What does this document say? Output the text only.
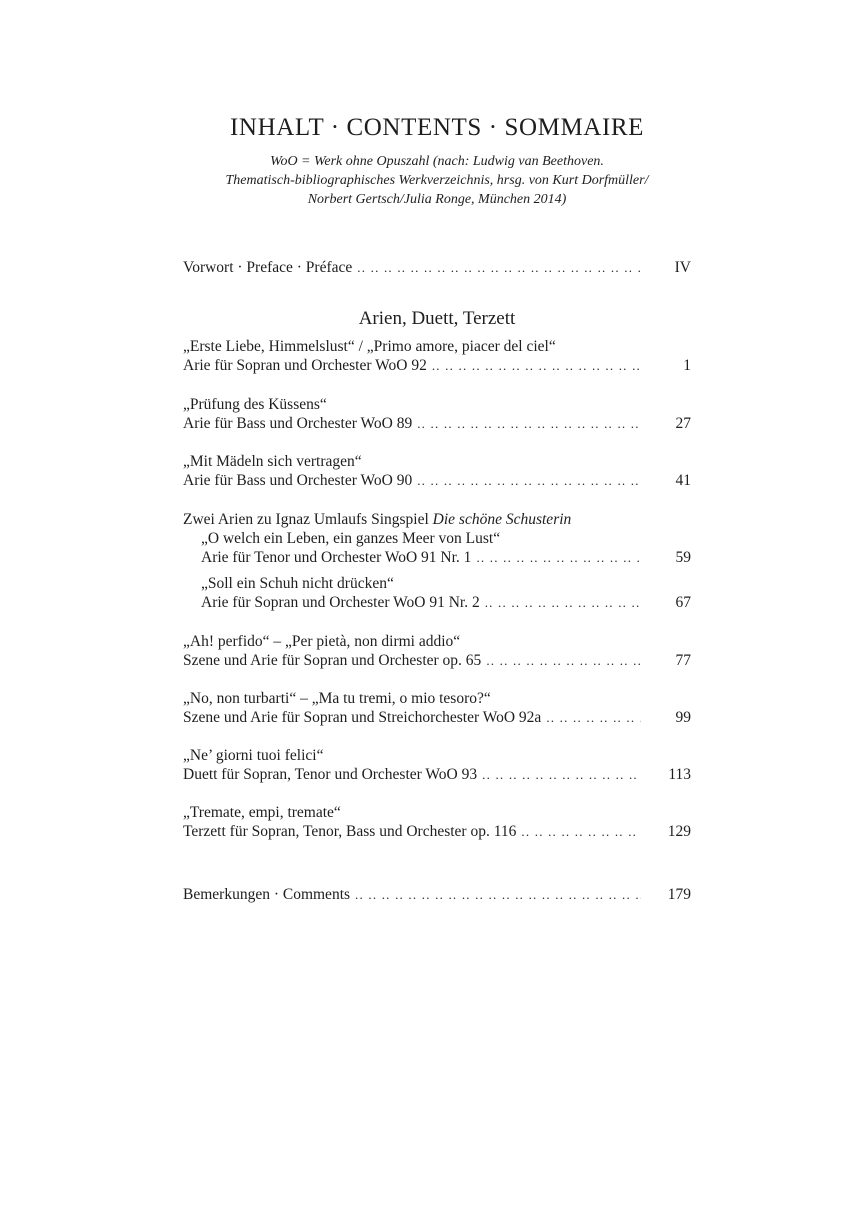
INHALT · CONTENTS · SOMMAIRE
WoO = Werk ohne Opuszahl (nach: Ludwig van Beethoven.
Thematisch-bibliographisches Werkverzeichnis, hrsg. von Kurt Dorfmüller/
Norbert Gertsch/Julia Ronge, München 2014)
Vorwort · Preface · Préface .. ..	IV
Arien, Duett, Terzett
„Erste Liebe, Himmelslust“ / „Primo amore, piacer del ciel“
Arie für Sopran und Orchester WoO 92 .. ..	1
„Prüfung des Küssens“
Arie für Bass und Orchester WoO 89 .. ..	27
„Mit Mädeln sich vertragen“
Arie für Bass und Orchester WoO 90 .. ..	41
Zwei Arien zu Ignaz Umlaufs Singspiel Die schöne Schusterin
„O welch ein Leben, ein ganzes Meer von Lust“
Arie für Tenor und Orchester WoO 91 Nr. 1 .. ..	59
„Soll ein Schuh nicht drücken“
Arie für Sopran und Orchester WoO 91 Nr. 2 .. ..	67
„Ah! perfido“ – „Per pietà, non dirmi addio“
Szene und Arie für Sopran und Orchester op. 65 .. ..	77
„No, non turbarti“ – „Ma tu tremi, o mio tesoro?“
Szene und Arie für Sopran und Streichorchester WoO 92a .. ..	99
„Ne’ giorni tuoi felici“
Duett für Sopran, Tenor und Orchester WoO 93 .. ..	113
„Tremate, empi, tremate“
Terzett für Sopran, Tenor, Bass und Orchester op. 116 .. ..	129
Bemerkungen · Comments .. ..	179
